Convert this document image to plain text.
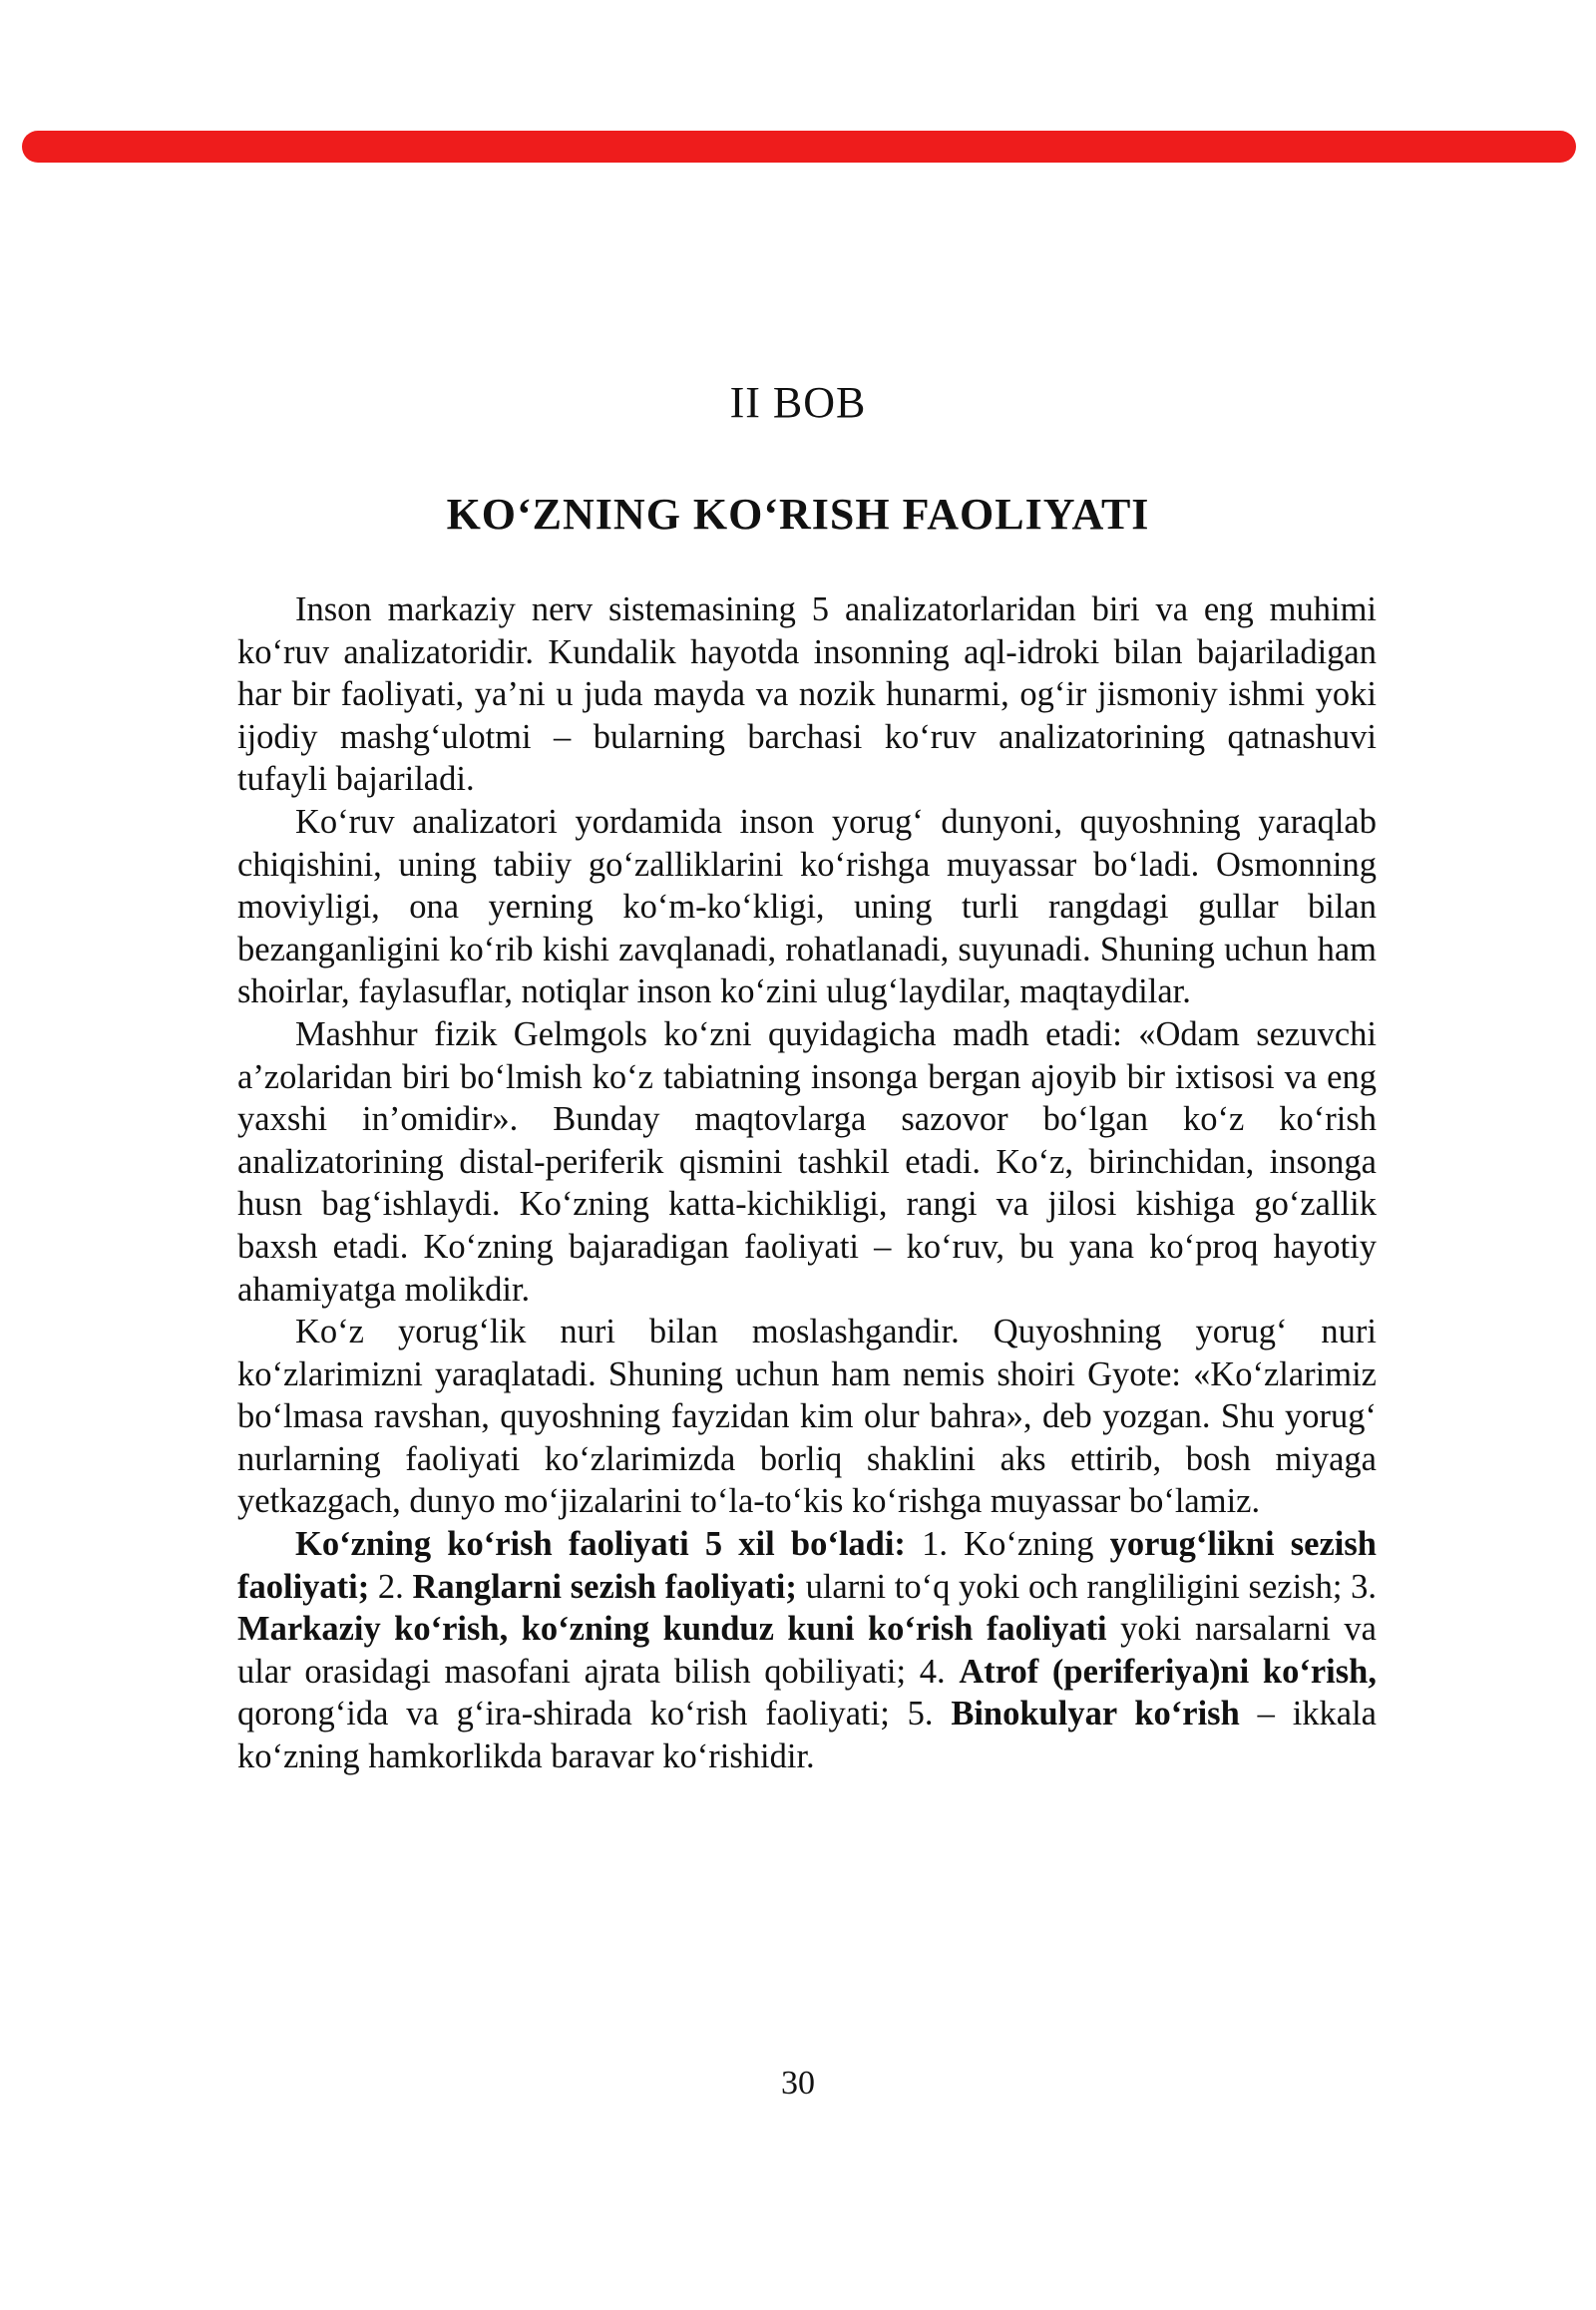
II BOB
KO‘ZNING KO‘RISH FAOLIYATI

Inson markaziy nerv sistemasining 5 analizatorlaridan biri va eng muhimi ko‘ruv analizatoridir. Kundalik hayotda insonning aql-idroki bilan bajariladigan har bir faoliyati, ya’ni u juda mayda va nozik hunarmi, og‘ir jismoniy ishmi yoki ijodiy mashg‘ulotmi – bularning barchasi ko‘ruv analizatorining qatnashuvi tufayli bajariladi.

Ko‘ruv analizatori yordamida inson yorug‘ dunyoni, quyoshning yaraqlab chiqishini, uning tabiiy go‘zalliklarini ko‘rishga muyassar bo‘ladi. Osmonning moviyligi, ona yerning ko‘m-ko‘kligi, uning turli rangdagi gullar bilan bezanganligini ko‘rib kishi zavqlanadi, rohatlanadi, suyunadi. Shuning uchun ham shoirlar, faylasuflar, notiqlar inson ko‘zini ulug‘laydilar, maqtaydilar.

Mashhur fizik Gelmgols ko‘zni quyidagicha madh etadi: «Odam sezuvchi a’zolaridan biri bo‘lmish ko‘z tabiatning insonga bergan ajoyib bir ixtisosi va eng yaxshi in’omidir». Bunday maqtovlarga sazovor bo‘lgan ko‘z ko‘rish analizatorining distal-periferik qismini tashkil etadi. Ko‘z, birinchidan, insonga husn bag‘ishlaydi. Ko‘zning katta-kichikligi, rangi va jilosi kishiga go‘zallik baxsh etadi. Ko‘zning bajaradigan faoliyati – ko‘ruv, bu yana ko‘proq hayotiy ahamiyatga molikdir.

Ko‘z yorug‘lik nuri bilan moslashgandir. Quyoshning yorug‘ nuri ko‘zlarimizni yaraqlatadi. Shuning uchun ham nemis shoiri Gyote: «Ko‘zlarimiz bo‘lmasa ravshan, quyoshning fayzidan kim olur bahra», deb yozgan. Shu yorug‘ nurlarning faoliyati ko‘zlarimizda borliq shaklini aks ettirib, bosh miyaga yetkazgach, dunyo mo‘jizalarini to‘la-to‘kis ko‘rishga muyassar bo‘lamiz.

Ko‘zning ko‘rish faoliyati 5 xil bo‘ladi: 1. Ko‘zning yorug‘likni sezish faoliyati; 2. Ranglarni sezish faoliyati; ularni to‘q yoki och rangliligini sezish; 3. Markaziy ko‘rish, ko‘zning kunduz kuni ko‘rish faoliyati yoki narsalarni va ular orasidagi masofani ajrata bilish qobiliyati; 4. Atrof (periferiya)ni ko‘rish, qorong‘ida va g‘ira-shirada ko‘rish faoliyati; 5. Binokulyar ko‘rish – ikkala ko‘zning hamkorlikda baravar ko‘rishidir.

30
